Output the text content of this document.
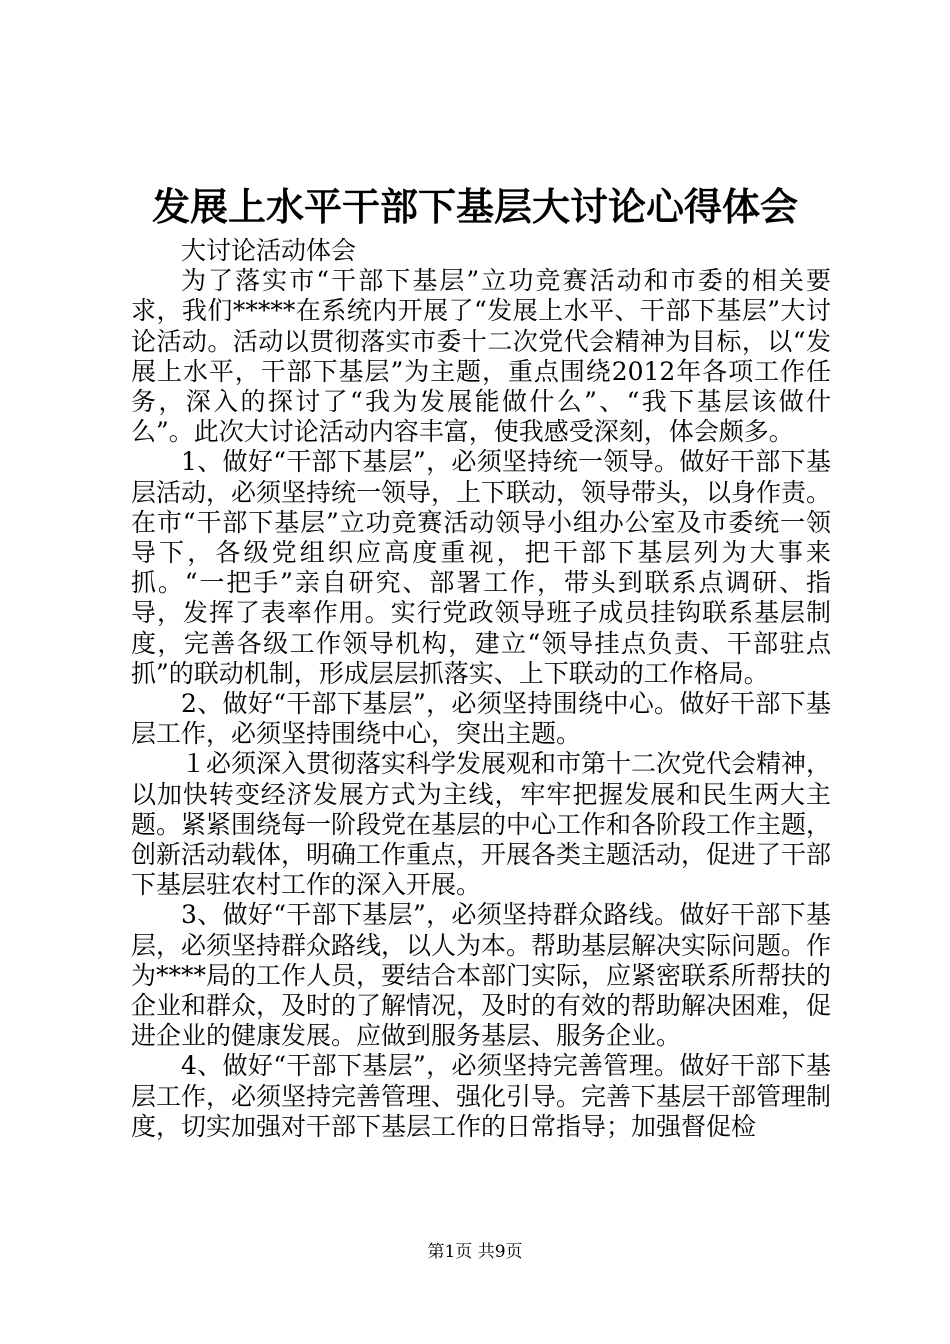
发展上水平干部下基层大讨论心得体会

大讨论活动体会

为了落实市“干部下基层”立功竞赛活动和市委的相关要求，我们*****在系统内开展了“发展上水平、干部下基层”大讨论活动。活动以贯彻落实市委十二次党代会精神为目标，以“发展上水平，干部下基层”为主题，重点围绕2012年各项工作任务，深入的探讨了“我为发展能做什么”、“我下基层该做什么”。此次大讨论活动内容丰富，使我感受深刻，体会颇多。

1、做好“干部下基层”，必须坚持统一领导。做好干部下基层活动，必须坚持统一领导，上下联动，领导带头，以身作责。在市“干部下基层”立功竞赛活动领导小组办公室及市委统一领导下，各级党组织应高度重视，把干部下基层列为大事来抓。“一把手”亲自研究、部署工作，带头到联系点调研、指导，发挥了表率作用。实行党政领导班子成员挂钩联系基层制度，完善各级工作领导机构，建立“领导挂点负责、干部驻点抓”的联动机制，形成层层抓落实、上下联动的工作格局。

2、做好“干部下基层”，必须坚持围绕中心。做好干部下基层工作，必须坚持围绕中心，突出主题。

１必须深入贯彻落实科学发展观和市第十二次党代会精神，以加快转变经济发展方式为主线，牢牢把握发展和民生两大主题。紧紧围绕每一阶段党在基层的中心工作和各阶段工作主题，创新活动载体，明确工作重点，开展各类主题活动，促进了干部下基层驻农村工作的深入开展。

3、做好“干部下基层”，必须坚持群众路线。做好干部下基层，必须坚持群众路线，以人为本。帮助基层解决实际问题。作为****局的工作人员，要结合本部门实际，应紧密联系所帮扶的企业和群众，及时的了解情况，及时的有效的帮助解决困难，促进企业的健康发展。应做到服务基层、服务企业。

4、做好“干部下基层”，必须坚持完善管理。做好干部下基层工作，必须坚持完善管理、强化引导。完善下基层干部管理制度，切实加强对干部下基层工作的日常指导；加强督促检

第1页 共9页
